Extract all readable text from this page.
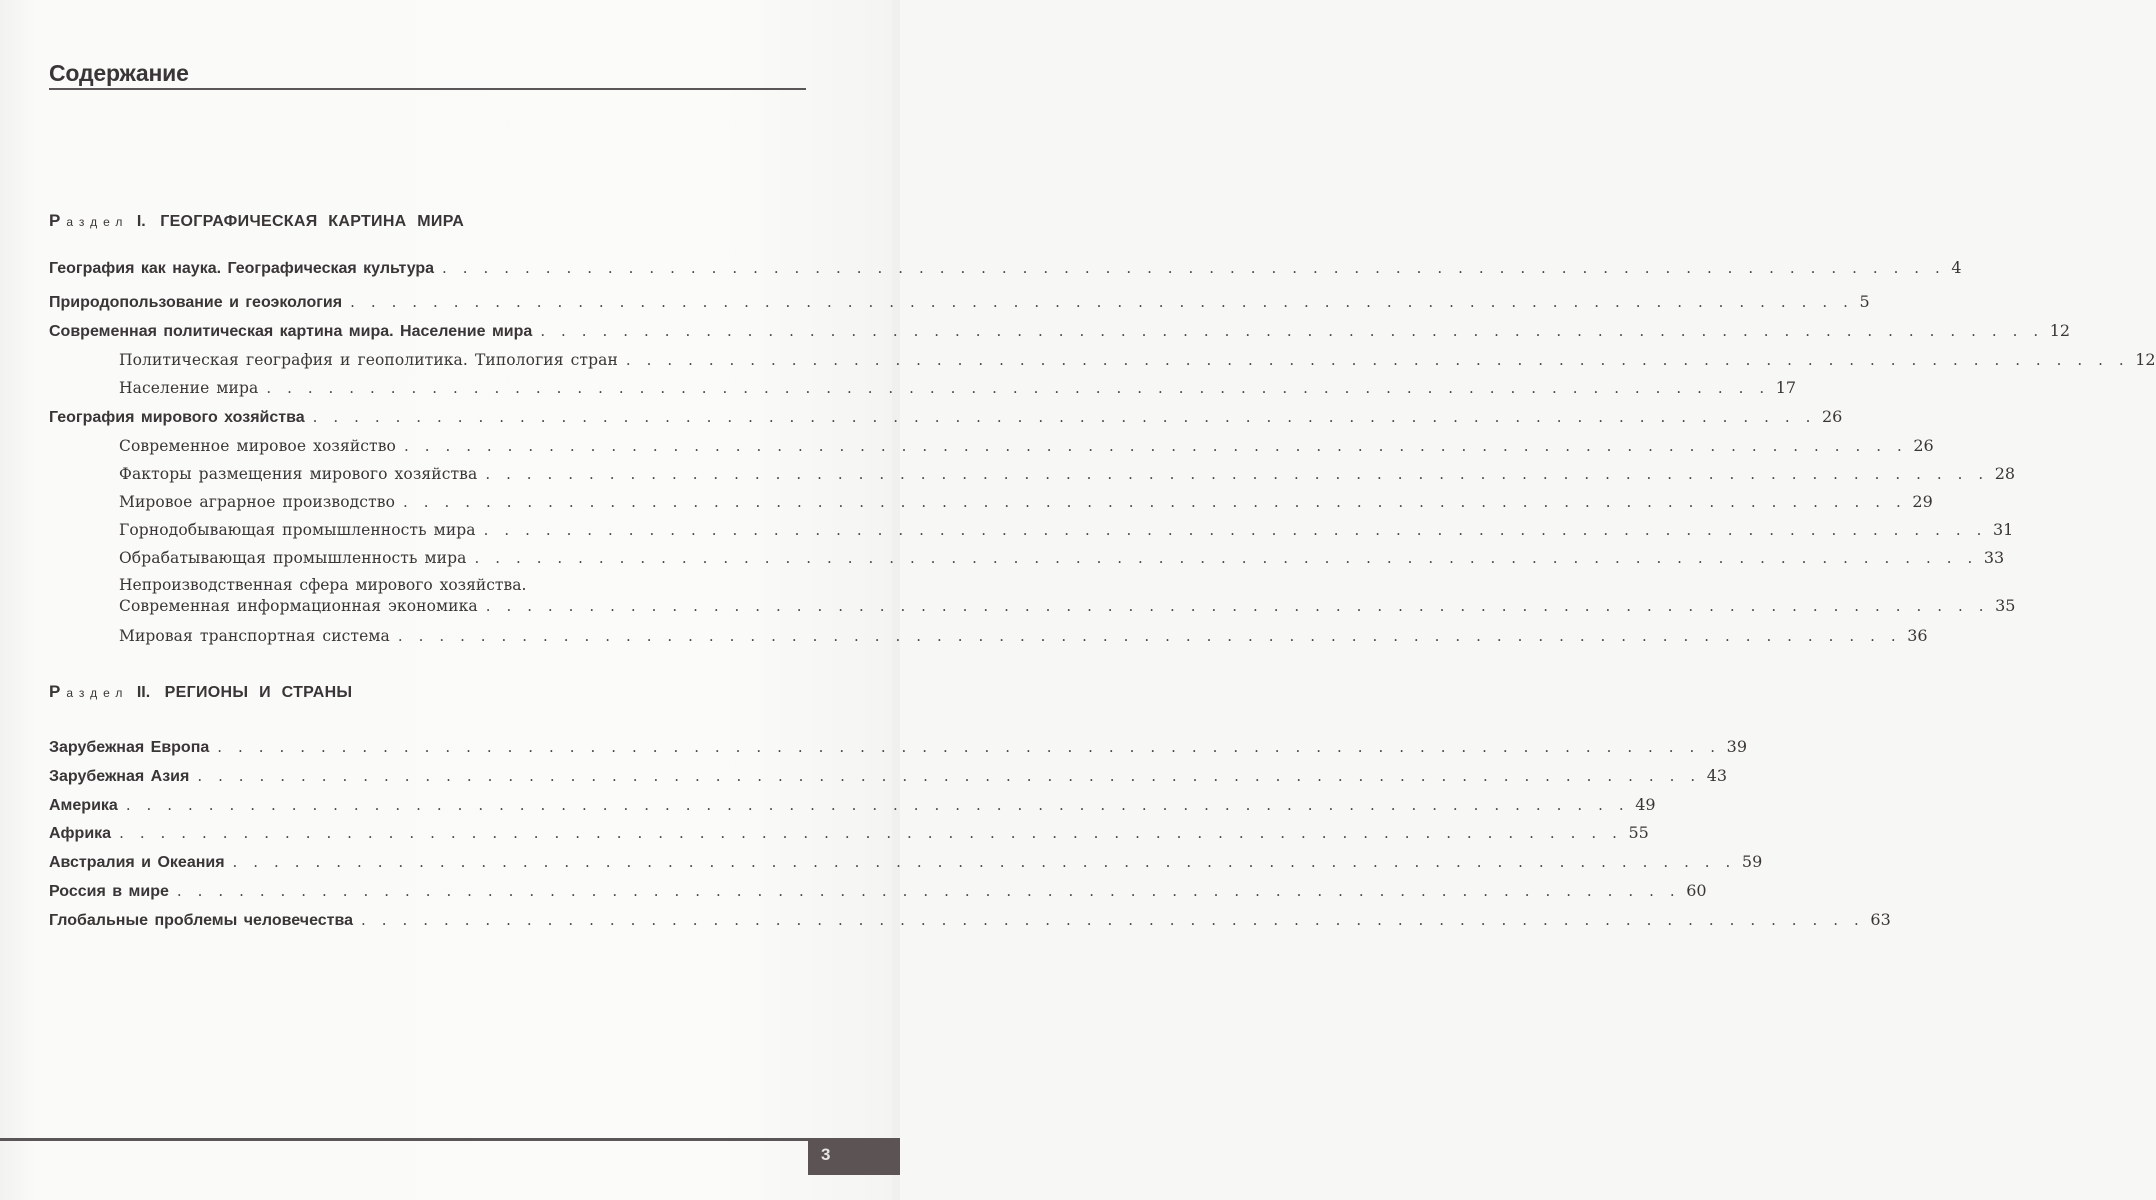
Содержание
Раздел I. ГЕОГРАФИЧЕСКАЯ КАРТИНА МИРА
География как наука. Географическая культура . . . . . . . . . . . . . . . . . . . . . . . . . . . . . . . . . . . . . . . . . . . . . . . . . . . . . . . . . . . . . . . . . . . . . . . . . 4
Природопользование и геоэкология . . . . . . . . . . . . . . . . . . . . . . . . . . . . . . . . . . . . . . . . . . . . . . . . . . . . . . . . . . . . . . . . . . . . . . . . . 5
Современная политическая картина мира. Население мира . . . . . . . . . . . . . . . . . . . . . . . . . . . . . . . . . . . . . . . . . . . . . . . . . . . . . . . . . . . . . . . . . . . . . . . . . 12
Политическая география и геополитика. Типология стран . . . . . . . . . . . . . . . . . . . . . . . . . . . . . . . . . . . . . . . . . . . . . . . . . . . . . . . . . . . . . . . . . . . . . . . . . 12
Население мира . . . . . . . . . . . . . . . . . . . . . . . . . . . . . . . . . . . . . . . . . . . . . . . . . . . . . . . . . . . . . . . . . . . . . . . . . 17
География мирового хозяйства . . . . . . . . . . . . . . . . . . . . . . . . . . . . . . . . . . . . . . . . . . . . . . . . . . . . . . . . . . . . . . . . . . . . . . . . . 26
Современное мировое хозяйство . . . . . . . . . . . . . . . . . . . . . . . . . . . . . . . . . . . . . . . . . . . . . . . . . . . . . . . . . . . . . . . . . . . . . . . . . 26
Факторы размещения мирового хозяйства . . . . . . . . . . . . . . . . . . . . . . . . . . . . . . . . . . . . . . . . . . . . . . . . . . . . . . . . . . . . . . . . . . . . . . . . . 28
Мировое аграрное производство . . . . . . . . . . . . . . . . . . . . . . . . . . . . . . . . . . . . . . . . . . . . . . . . . . . . . . . . . . . . . . . . . . . . . . . . . 29
Горнодобывающая промышленность мира . . . . . . . . . . . . . . . . . . . . . . . . . . . . . . . . . . . . . . . . . . . . . . . . . . . . . . . . . . . . . . . . . . . . . . . . . 31
Обрабатывающая промышленность мира . . . . . . . . . . . . . . . . . . . . . . . . . . . . . . . . . . . . . . . . . . . . . . . . . . . . . . . . . . . . . . . . . . . . . . . . . 33
Непроизводственная сфера мирового хозяйства.
Современная информационная экономика . . . . . . . . . . . . . . . . . . . . . . . . . . . . . . . . . . . . . . . . . . . . . . . . . . . . . . . . . . . . . . . . . . . . . . . . . 35
Мировая транспортная система . . . . . . . . . . . . . . . . . . . . . . . . . . . . . . . . . . . . . . . . . . . . . . . . . . . . . . . . . . . . . . . . . . . . . . . . . 36
Раздел II. РЕГИОНЫ И СТРАНЫ
Зарубежная Европа . . . . . . . . . . . . . . . . . . . . . . . . . . . . . . . . . . . . . . . . . . . . . . . . . . . . . . . . . . . . . . . . . . . . . . . . . 39
Зарубежная Азия . . . . . . . . . . . . . . . . . . . . . . . . . . . . . . . . . . . . . . . . . . . . . . . . . . . . . . . . . . . . . . . . . . . . . . . . . 43
Америка . . . . . . . . . . . . . . . . . . . . . . . . . . . . . . . . . . . . . . . . . . . . . . . . . . . . . . . . . . . . . . . . . . . . . . . . . 49
Африка . . . . . . . . . . . . . . . . . . . . . . . . . . . . . . . . . . . . . . . . . . . . . . . . . . . . . . . . . . . . . . . . . . . . . . . . . 55
Австралия и Океания . . . . . . . . . . . . . . . . . . . . . . . . . . . . . . . . . . . . . . . . . . . . . . . . . . . . . . . . . . . . . . . . . . . . . . . . . 59
Россия в мире . . . . . . . . . . . . . . . . . . . . . . . . . . . . . . . . . . . . . . . . . . . . . . . . . . . . . . . . . . . . . . . . . . . . . . . . . 60
Глобальные проблемы человечества . . . . . . . . . . . . . . . . . . . . . . . . . . . . . . . . . . . . . . . . . . . . . . . . . . . . . . . . . . . . . . . . . . . . . . . . . 63
3
